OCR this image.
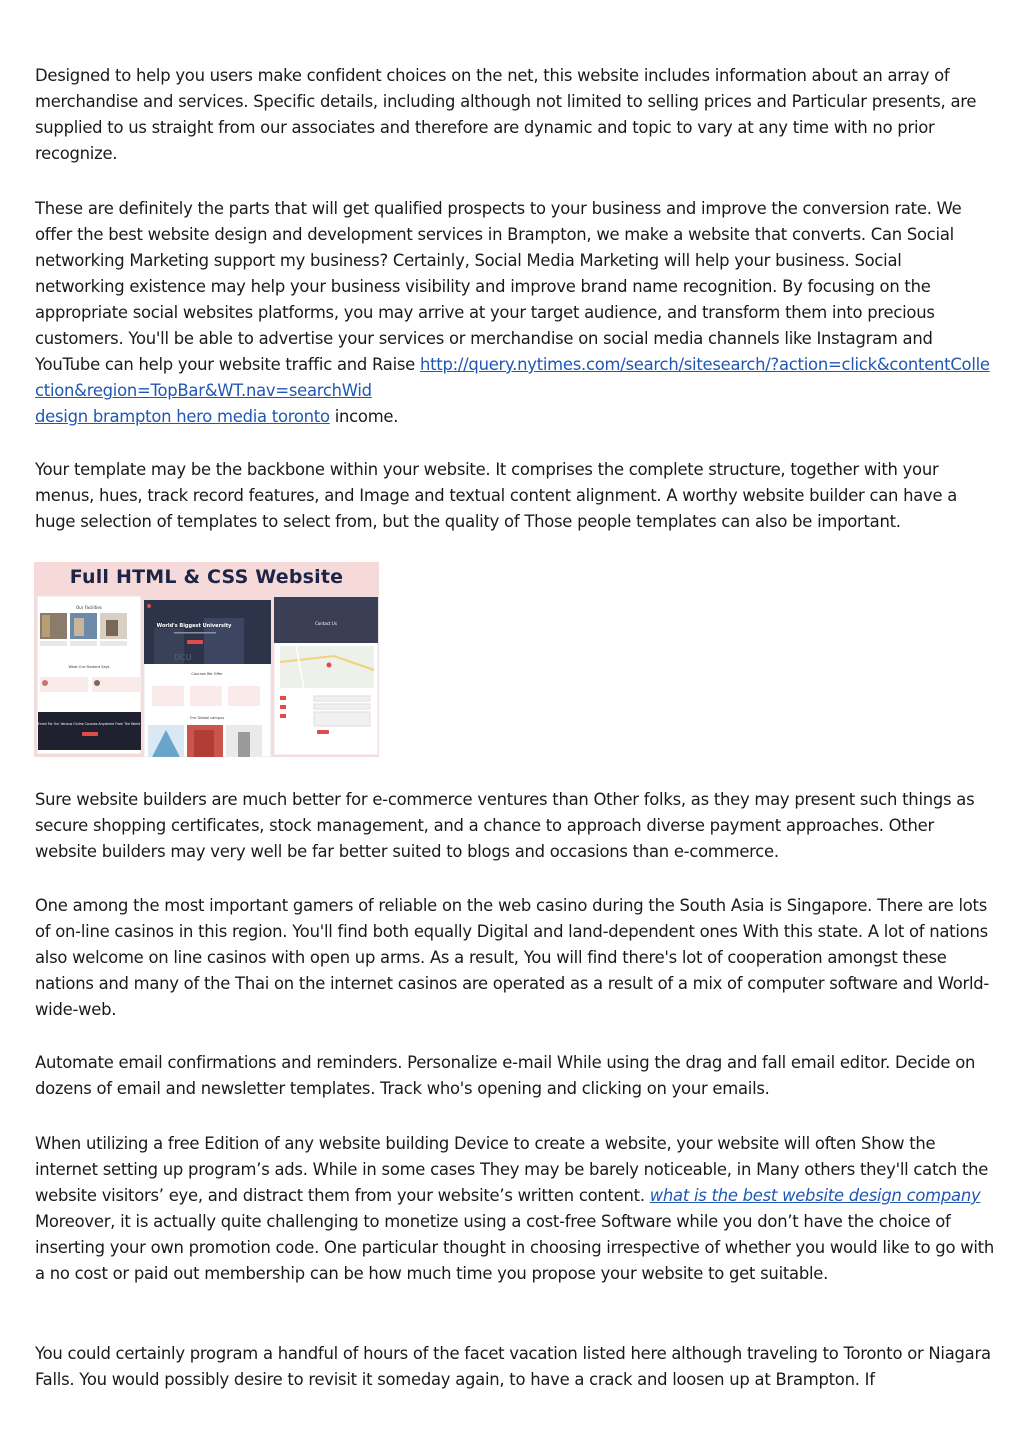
Designed to help you users make confident choices on the net, this website includes information about an array of merchandise and services. Specific details, including although not limited to selling prices and Particular presents, are supplied to us straight from our associates and therefore are dynamic and topic to vary at any time with no prior recognize.

These are definitely the parts that will get qualified prospects to your business and improve the conversion rate. We offer the best website design and development services in Brampton, we make a website that converts. Can Social networking Marketing support my business? Certainly, Social Media Marketing will help your business. Social networking existence may help your business visibility and improve brand name recognition. By focusing on the appropriate social websites platforms, you may arrive at your target audience, and transform them into precious customers. You'll be able to advertise your services or merchandise on social media channels like Instagram and YouTube can help your website traffic and Raise http://query.nytimes.com/search/sitesearch/?action=click&contentCollection&region=TopBar&WT.nav=searchWid
design brampton hero media toronto income.

Your template may be the backbone within your website. It comprises the complete structure, together with your menus, hues, track record features, and Image and textual content alignment. A worthy website builder can have a huge selection of templates to select from, but the quality of Those people templates can also be important.

Full HTML & CSS Website
Our Facilities
What Our Student Says
Enroll For Our Various Online Courses Anywhere From The World
DCU
World's Biggest University
Courses We Offer
Our Global campus
Contact Us

Sure website builders are much better for e-commerce ventures than Other folks, as they may present such things as secure shopping certificates, stock management, and a chance to approach diverse payment approaches. Other website builders may very well be far better suited to blogs and occasions than e-commerce.

One among the most important gamers of reliable on the web casino during the South Asia is Singapore. There are lots of on-line casinos in this region. You'll find both equally Digital and land-dependent ones With this state. A lot of nations also welcome on line casinos with open up arms. As a result, You will find there's lot of cooperation amongst these nations and many of the Thai on the internet casinos are operated as a result of a mix of computer software and World-wide-web.

Automate email confirmations and reminders. Personalize e-mail While using the drag and fall email editor. Decide on dozens of email and newsletter templates. Track who's opening and clicking on your emails.

When utilizing a free Edition of any website building Device to create a website, your website will often Show the internet setting up program’s ads. While in some cases They may be barely noticeable, in Many others they'll catch the website visitors’ eye, and distract them from your website’s written content. what is the best website design company Moreover, it is actually quite challenging to monetize using a cost-free Software while you don’t have the choice of inserting your own promotion code. One particular thought in choosing irrespective of whether you would like to go with a no cost or paid out membership can be how much time you propose your website to get suitable.

You could certainly program a handful of hours of the facet vacation listed here although traveling to Toronto or Niagara Falls. You would possibly desire to revisit it someday again, to have a crack and loosen up at Brampton. If
